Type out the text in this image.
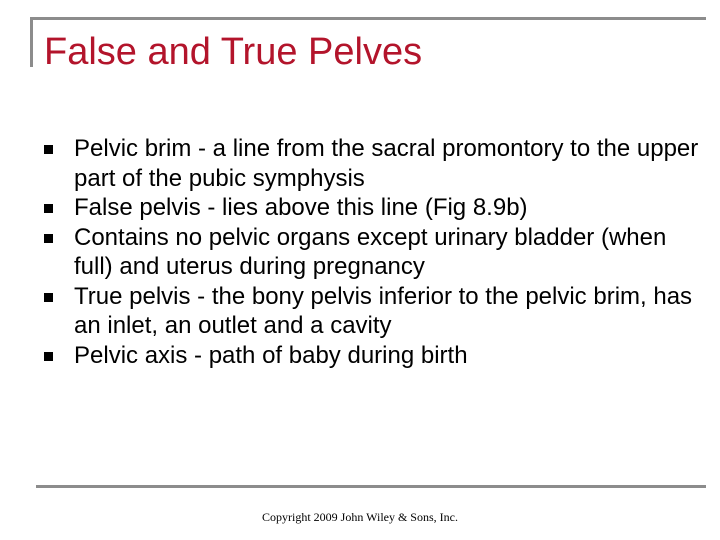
False and True Pelves
Pelvic brim - a line from the sacral promontory to the upper part of the pubic symphysis
False pelvis - lies above this line (Fig 8.9b)
Contains no pelvic organs except urinary bladder (when full) and uterus during pregnancy
True pelvis - the bony pelvis inferior to the pelvic brim, has an inlet, an outlet and a cavity
Pelvic axis - path of baby during birth
Copyright 2009 John Wiley & Sons, Inc.
